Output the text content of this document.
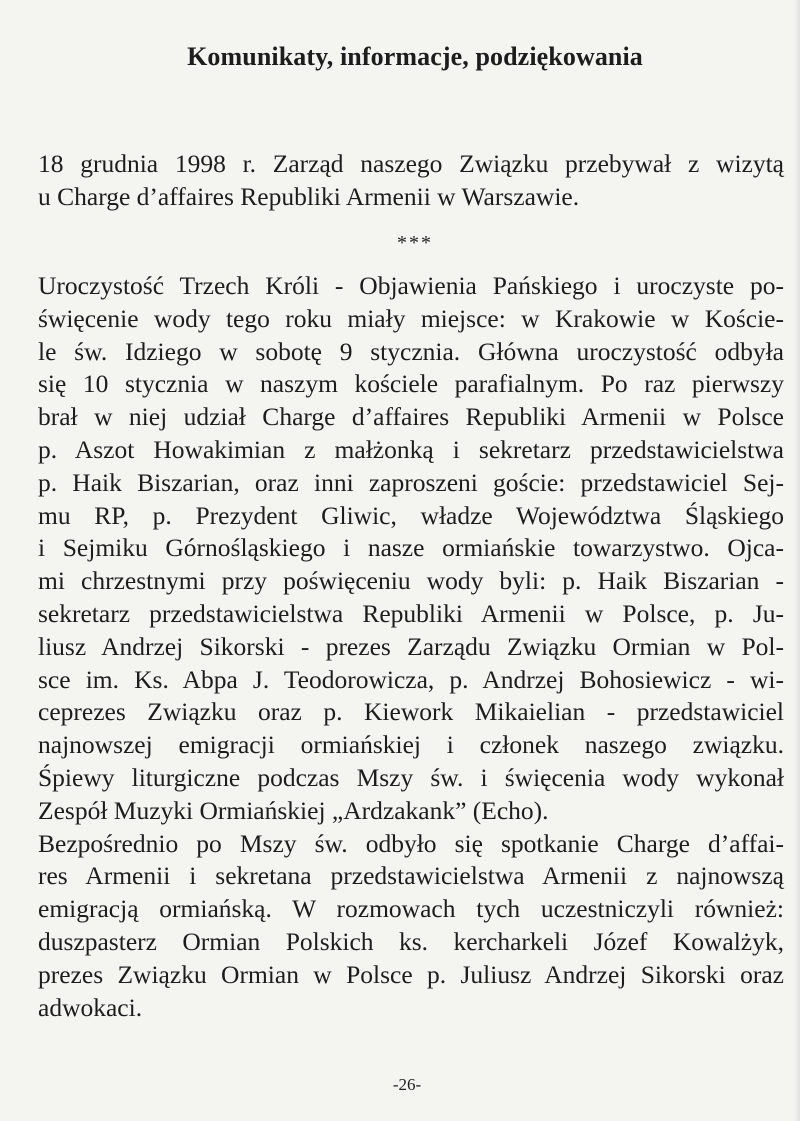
Komunikaty, informacje, podziękowania
18 grudnia 1998 r. Zarząd naszego Związku przebywał z wizytą
u Charge d’affaires Republiki Armenii w Warszawie.
***
Uroczystość Trzech Króli - Objawienia Pańskiego i uroczyste po-
święcenie wody tego roku miały miejsce: w Krakowie w Koście-
le św. Idziego w sobotę 9 stycznia. Główna uroczystość odbyła
się 10 stycznia w naszym kościele parafialnym. Po raz pierwszy
brał w niej udział Charge d’affaires Republiki Armenii w Polsce
p. Aszot Howakimian z małżonką i sekretarz przedstawicielstwa
p. Haik Biszarian, oraz inni zaproszeni goście: przedstawiciel Sej-
mu RP, p. Prezydent Gliwic, władze Województwa Śląskiego
i Sejmiku Górnośląskiego i nasze ormiańskie towarzystwo. Ojca-
mi chrzestnymi przy poświęceniu wody byli: p. Haik Biszarian -
sekretarz przedstawicielstwa Republiki Armenii w Polsce, p. Ju-
liusz Andrzej Sikorski - prezes Zarządu Związku Ormian w Pol-
sce im. Ks. Abpa J. Teodorowicza, p. Andrzej Bohosiewicz - wi-
ceprezes Związku oraz p. Kiework Mikaielian - przedstawiciel
najnowszej emigracji ormiańskiej i członek naszego związku.
Śpiewy liturgiczne podczas Mszy św. i święcenia wody wykonał
Zespół Muzyki Ormiańskiej „Ardzakank” (Echo).
Bezpośrednio po Mszy św. odbyło się spotkanie Charge d’affai-
res Armenii i sekretana przedstawicielstwa Armenii z najnowszą
emigracją ormiańską. W rozmowach tych uczestniczyli również:
duszpasterz Ormian Polskich ks. kercharkeli Józef Kowalżyk,
prezes Związku Ormian w Polsce p. Juliusz Andrzej Sikorski oraz
adwokaci.
-26-
